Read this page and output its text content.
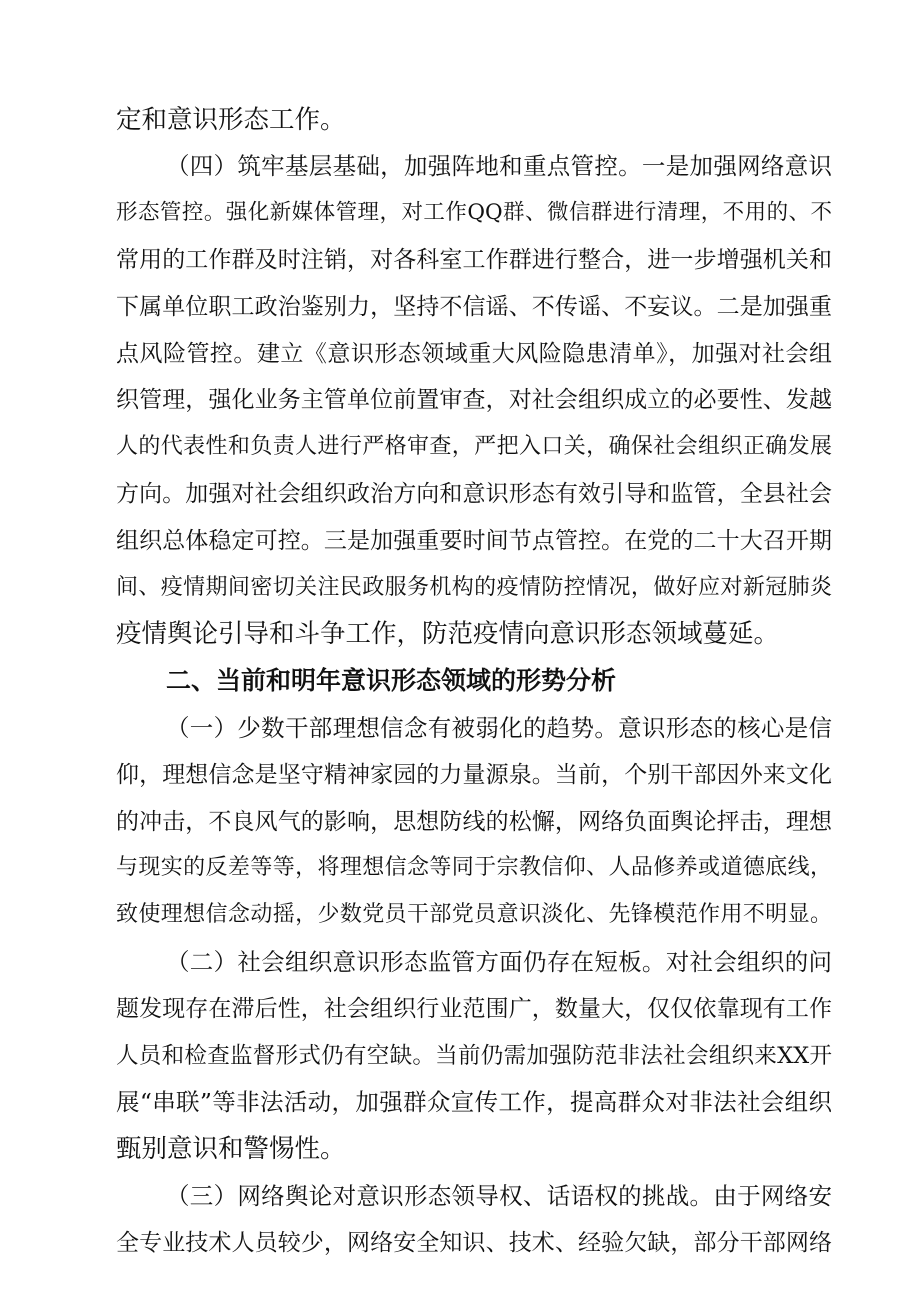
定和意识形态工作。
（四）筑牢基层基础，加强阵地和重点管控。一是加强网络意识
形态管控。强化新媒体管理，对工作QQ群、微信群进行清理，不用的、不
常用的工作群及时注销，对各科室工作群进行整合，进一步增强机关和
下属单位职工政治鉴别力，坚持不信谣、不传谣、不妄议。二是加强重
点风险管控。建立《意识形态领域重大风险隐患清单》，加强对社会组
织管理，强化业务主管单位前置审查，对社会组织成立的必要性、发越
人的代表性和负责人进行严格审查，严把入口关，确保社会组织正确发展
方向。加强对社会组织政治方向和意识形态有效引导和监管，全县社会
组织总体稳定可控。三是加强重要时间节点管控。在党的二十大召开期
间、疫情期间密切关注民政服务机构的疫情防控情况，做好应对新冠肺炎
疫情舆论引导和斗争工作，防范疫情向意识形态领域蔓延。
二、当前和明年意识形态领域的形势分析
（一）少数干部理想信念有被弱化的趋势。意识形态的核心是信
仰，理想信念是坚守精神家园的力量源泉。当前，个别干部因外来文化
的冲击，不良风气的影响，思想防线的松懈，网络负面舆论抨击，理想
与现实的反差等等，将理想信念等同于宗教信仰、人品修养或道德底线，
致使理想信念动摇，少数党员干部党员意识淡化、先锋模范作用不明显。
（二）社会组织意识形态监管方面仍存在短板。对社会组织的问
题发现存在滞后性，社会组织行业范围广，数量大，仅仅依靠现有工作
人员和检查监督形式仍有空缺。当前仍需加强防范非法社会组织来XX开
展“串联”等非法活动，加强群众宣传工作，提高群众对非法社会组织
甄别意识和警惕性。
（三）网络舆论对意识形态领导权、话语权的挑战。由于网络安
全专业技术人员较少，网络安全知识、技术、经验欠缺，部分干部网络
